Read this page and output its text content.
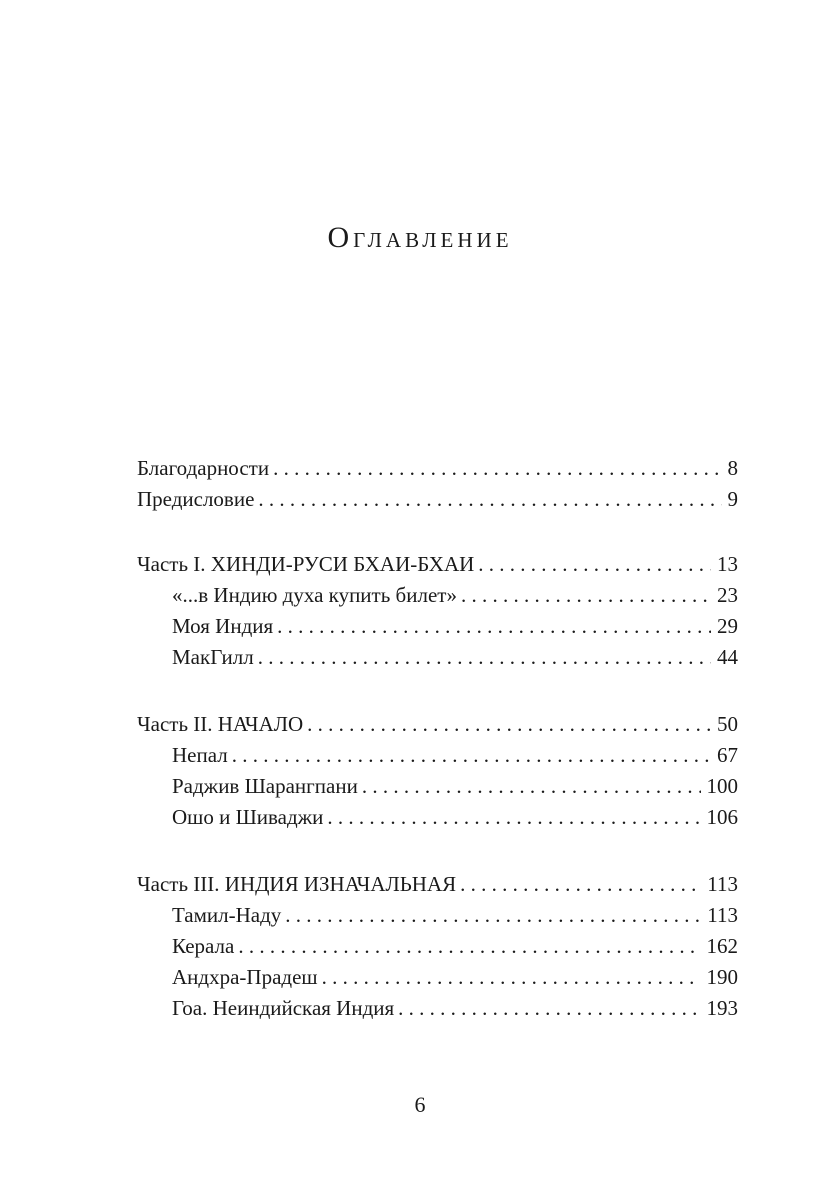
Оглавление
Благодарности . . .	8
Предисловие . . .	9
Часть I. ХИНДИ-РУСИ БХАИ-БХАИ . . .	13
«...в Индию духа купить билет» . . .	23
Моя Индия . . .	29
МакГилл . . .	44
Часть II. НАЧАЛО . . .	50
Непал . . .	67
Раджив Шарангпани . . .	100
Ошо и Шиваджи . . .	106
Часть III. ИНДИЯ ИЗНАЧАЛЬНАЯ . . .	113
Тамил-Наду . . .	113
Керала . . .	162
Андхра-Прадеш . . .	190
Гоа. Неиндийская Индия . . .	193
6
